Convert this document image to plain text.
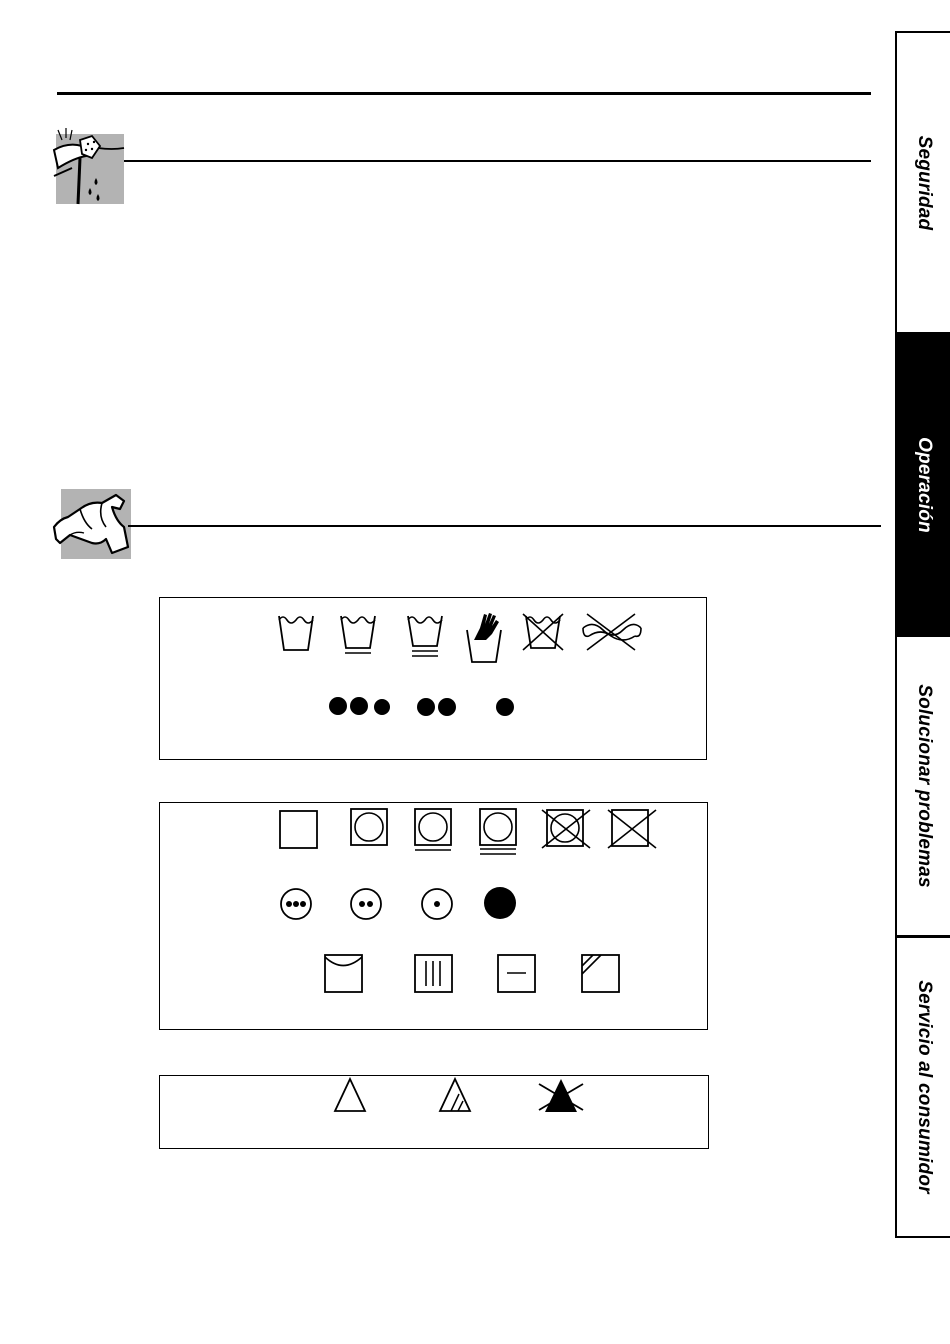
Seguridad
Operación
Solucionar problemas
Servicio al consumidor
